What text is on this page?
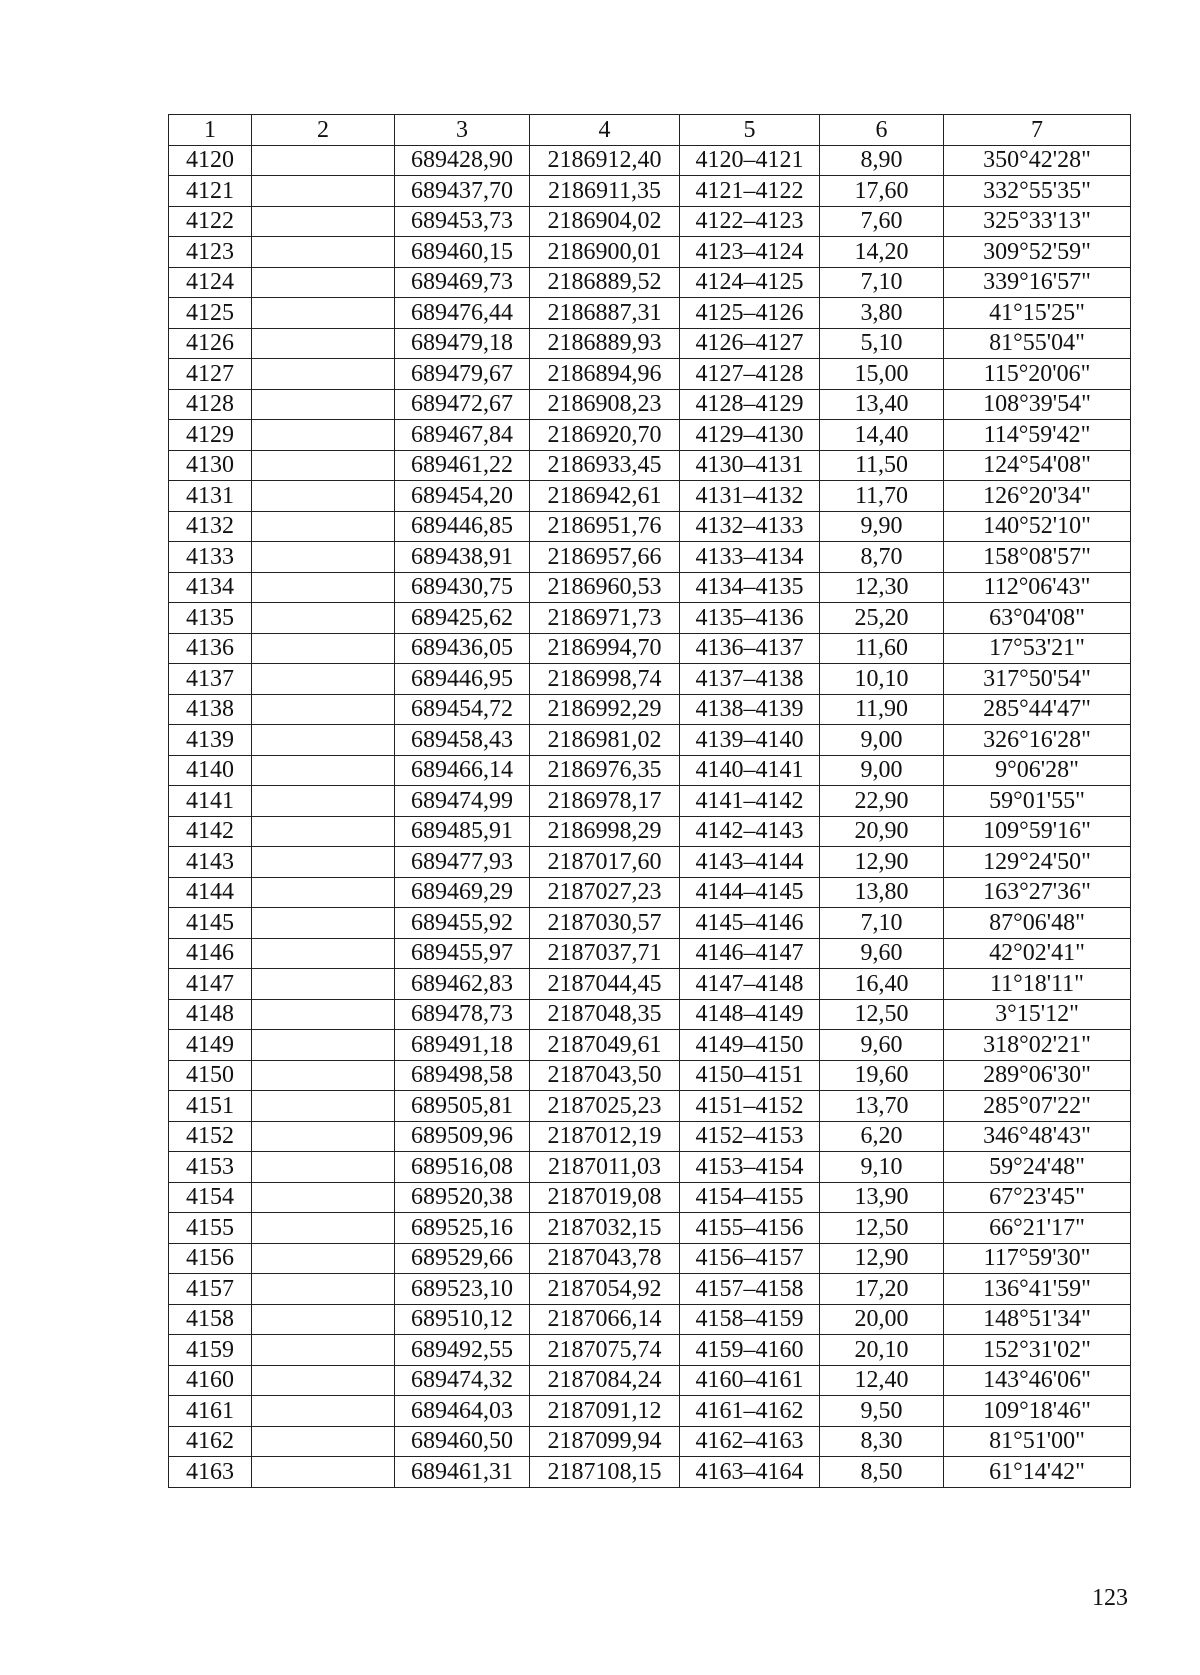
1	2	3	4	5	6	7
4120		689428,90	2186912,40	4120–4121	8,90	350°42'28"
4121		689437,70	2186911,35	4121–4122	17,60	332°55'35"
4122		689453,73	2186904,02	4122–4123	7,60	325°33'13"
4123		689460,15	2186900,01	4123–4124	14,20	309°52'59"
4124		689469,73	2186889,52	4124–4125	7,10	339°16'57"
4125		689476,44	2186887,31	4125–4126	3,80	41°15'25"
4126		689479,18	2186889,93	4126–4127	5,10	81°55'04"
4127		689479,67	2186894,96	4127–4128	15,00	115°20'06"
4128		689472,67	2186908,23	4128–4129	13,40	108°39'54"
4129		689467,84	2186920,70	4129–4130	14,40	114°59'42"
4130		689461,22	2186933,45	4130–4131	11,50	124°54'08"
4131		689454,20	2186942,61	4131–4132	11,70	126°20'34"
4132		689446,85	2186951,76	4132–4133	9,90	140°52'10"
4133		689438,91	2186957,66	4133–4134	8,70	158°08'57"
4134		689430,75	2186960,53	4134–4135	12,30	112°06'43"
4135		689425,62	2186971,73	4135–4136	25,20	63°04'08"
4136		689436,05	2186994,70	4136–4137	11,60	17°53'21"
4137		689446,95	2186998,74	4137–4138	10,10	317°50'54"
4138		689454,72	2186992,29	4138–4139	11,90	285°44'47"
4139		689458,43	2186981,02	4139–4140	9,00	326°16'28"
4140		689466,14	2186976,35	4140–4141	9,00	9°06'28"
4141		689474,99	2186978,17	4141–4142	22,90	59°01'55"
4142		689485,91	2186998,29	4142–4143	20,90	109°59'16"
4143		689477,93	2187017,60	4143–4144	12,90	129°24'50"
4144		689469,29	2187027,23	4144–4145	13,80	163°27'36"
4145		689455,92	2187030,57	4145–4146	7,10	87°06'48"
4146		689455,97	2187037,71	4146–4147	9,60	42°02'41"
4147		689462,83	2187044,45	4147–4148	16,40	11°18'11"
4148		689478,73	2187048,35	4148–4149	12,50	3°15'12"
4149		689491,18	2187049,61	4149–4150	9,60	318°02'21"
4150		689498,58	2187043,50	4150–4151	19,60	289°06'30"
4151		689505,81	2187025,23	4151–4152	13,70	285°07'22"
4152		689509,96	2187012,19	4152–4153	6,20	346°48'43"
4153		689516,08	2187011,03	4153–4154	9,10	59°24'48"
4154		689520,38	2187019,08	4154–4155	13,90	67°23'45"
4155		689525,16	2187032,15	4155–4156	12,50	66°21'17"
4156		689529,66	2187043,78	4156–4157	12,90	117°59'30"
4157		689523,10	2187054,92	4157–4158	17,20	136°41'59"
4158		689510,12	2187066,14	4158–4159	20,00	148°51'34"
4159		689492,55	2187075,74	4159–4160	20,10	152°31'02"
4160		689474,32	2187084,24	4160–4161	12,40	143°46'06"
4161		689464,03	2187091,12	4161–4162	9,50	109°18'46"
4162		689460,50	2187099,94	4162–4163	8,30	81°51'00"
4163		689461,31	2187108,15	4163–4164	8,50	61°14'42"
123
